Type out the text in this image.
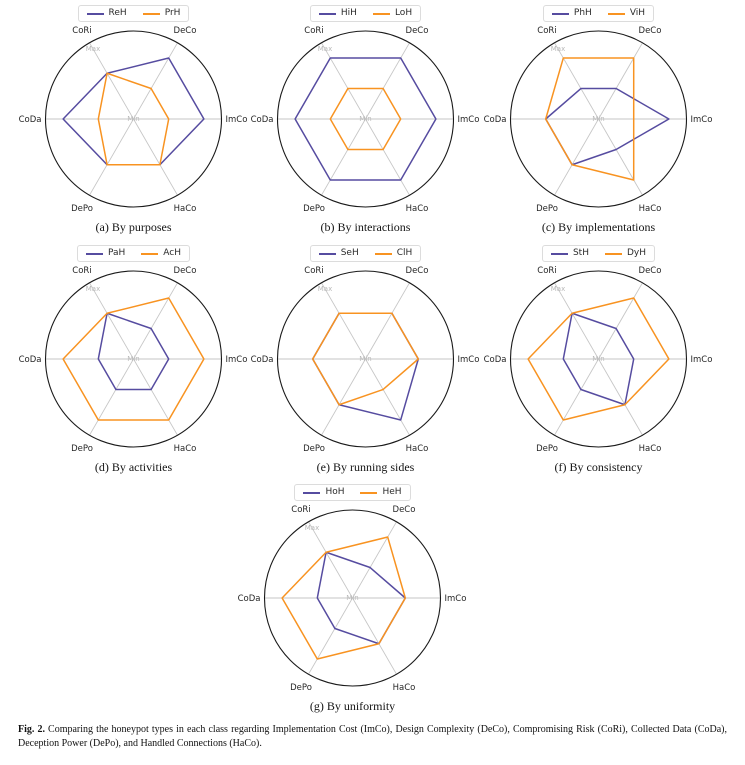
ReH	PrH
CoRi	DeCo
ImCo
HaCo
DePo
CoDa
Max
Min
(a) By purposes
HiH	LoH
CoRi	DeCo
ImCo
HaCo
DePo
CoDa
Max
Min
(b) By interactions
PhH	ViH
CoRi	DeCo
ImCo
HaCo
DePo
CoDa
Max
Min
(c) By implementations
PaH	AcH
CoRi	DeCo
ImCo
HaCo
DePo
CoDa
Max
Min
(d) By activities
SeH	ClH
CoRi	DeCo
ImCo
HaCo
DePo
CoDa
Max
Min
(e) By running sides
StH	DyH
CoRi	DeCo
ImCo
HaCo
DePo
CoDa
Max
Min
(f) By consistency
HoH	HeH
CoRi	DeCo
ImCo
HaCo
DePo
CoDa
Max
Min
(g) By uniformity

Fig. 2. Comparing the honeypot types in each class regarding Implementation Cost (ImCo), Design Complexity (DeCo), Compromising Risk (CoRi), Collected Data (CoDa), Deception Power (DePo), and Handled Connections (HaCo).
